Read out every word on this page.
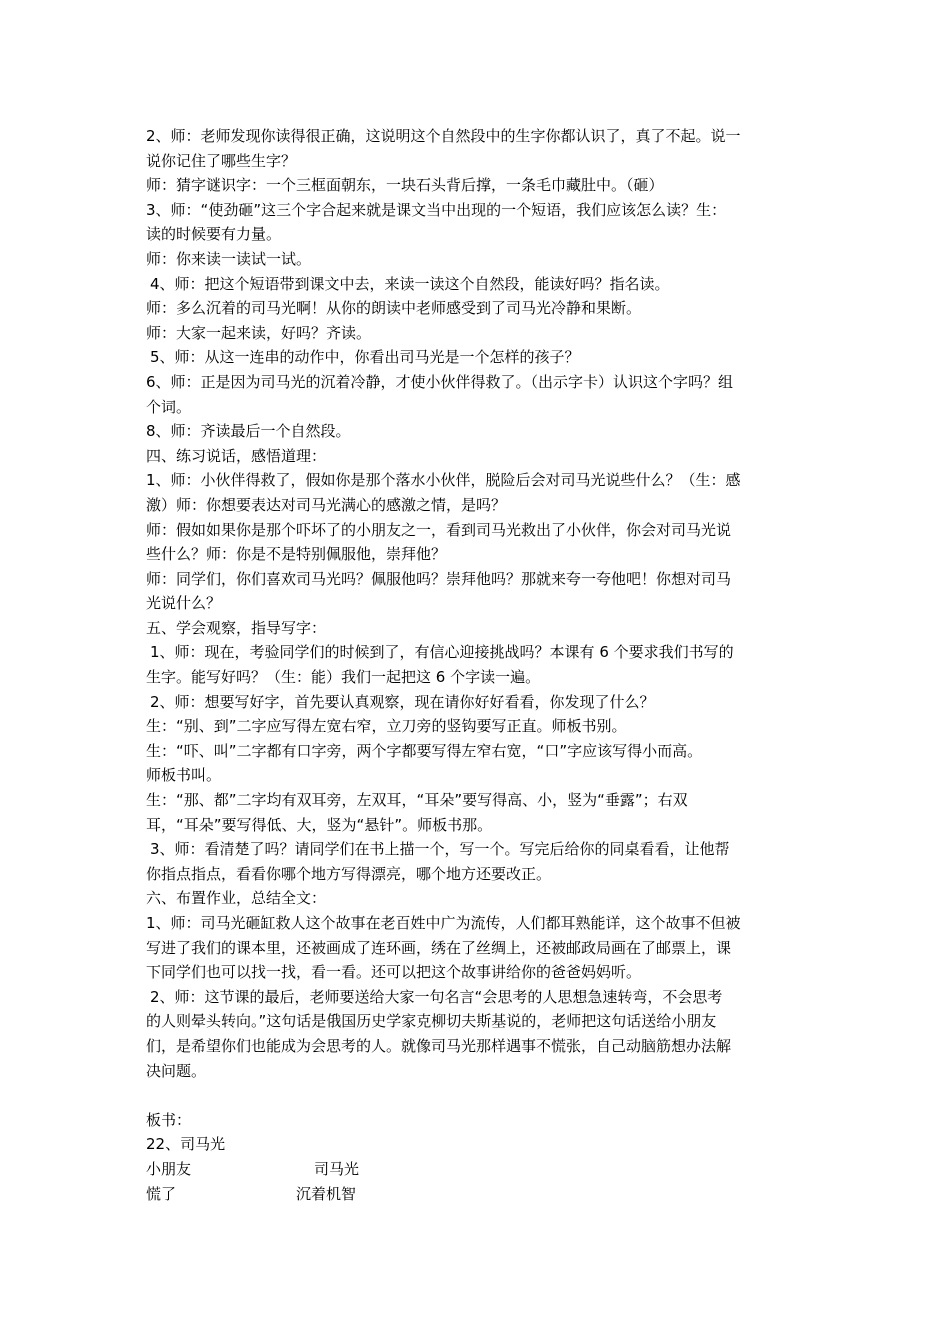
2、师：老师发现你读得很正确，这说明这个自然段中的生字你都认识了，真了不起。说一
说你记住了哪些生字？
师：猜字谜识字：一个三框面朝东，一块石头背后撑，一条毛巾藏肚中。（砸）
3、师：“使劲砸”这三个字合起来就是课文当中出现的一个短语，我们应该怎么读？生：
读的时候要有力量。
师：你来读一读试一试。
4、师：把这个短语带到课文中去，来读一读这个自然段，能读好吗？指名读。
师：多么沉着的司马光啊！从你的朗读中老师感受到了司马光冷静和果断。
师：大家一起来读，好吗？齐读。
5、师：从这一连串的动作中，你看出司马光是一个怎样的孩子？
6、师：正是因为司马光的沉着冷静，才使小伙伴得救了。（出示字卡）认识这个字吗？组
个词。
8、师：齐读最后一个自然段。
四、练习说话，感悟道理：
1、师：小伙伴得救了，假如你是那个落水小伙伴，脱险后会对司马光说些什么？（生：感
激）师：你想要表达对司马光满心的感激之情，是吗？
师：假如如果你是那个吓坏了的小朋友之一，看到司马光救出了小伙伴，你会对司马光说
些什么？师：你是不是特别佩服他，崇拜他？
师：同学们，你们喜欢司马光吗？佩服他吗？崇拜他吗？那就来夸一夸他吧！你想对司马
光说什么？
五、学会观察，指导写字：
1、师：现在，考验同学们的时候到了，有信心迎接挑战吗？本课有 6 个要求我们书写的
生字。能写好吗？（生：能）我们一起把这 6 个字读一遍。
2、师：想要写好字，首先要认真观察，现在请你好好看看，你发现了什么？
生：“别、到”二字应写得左宽右窄，立刀旁的竖钩要写正直。师板书别。
生：“吓、叫”二字都有口字旁，两个字都要写得左窄右宽，“口”字应该写得小而高。
师板书叫。
生：“那、都”二字均有双耳旁，左双耳，“耳朵”要写得高、小，竖为“垂露”；右双
耳，“耳朵”要写得低、大，竖为“悬针”。师板书那。
3、师：看清楚了吗？请同学们在书上描一个，写一个。写完后给你的同桌看看，让他帮
你指点指点，看看你哪个地方写得漂亮，哪个地方还要改正。
六、布置作业，总结全文：
1、师：司马光砸缸救人这个故事在老百姓中广为流传，人们都耳熟能详，这个故事不但被
写进了我们的课本里，还被画成了连环画，绣在了丝绸上，还被邮政局画在了邮票上，课
下同学们也可以找一找，看一看。还可以把这个故事讲给你的爸爸妈妈听。
2、师：这节课的最后，老师要送给大家一句名言“会思考的人思想急速转弯，不会思考
的人则晕头转向。”这句话是俄国历史学家克柳切夫斯基说的，老师把这句话送给小朋友
们，是希望你们也能成为会思考的人。就像司马光那样遇事不慌张，自己动脑筋想办法解
决问题。
板书：
22、司马光
小朋友	司马光
慌了	沉着机智
